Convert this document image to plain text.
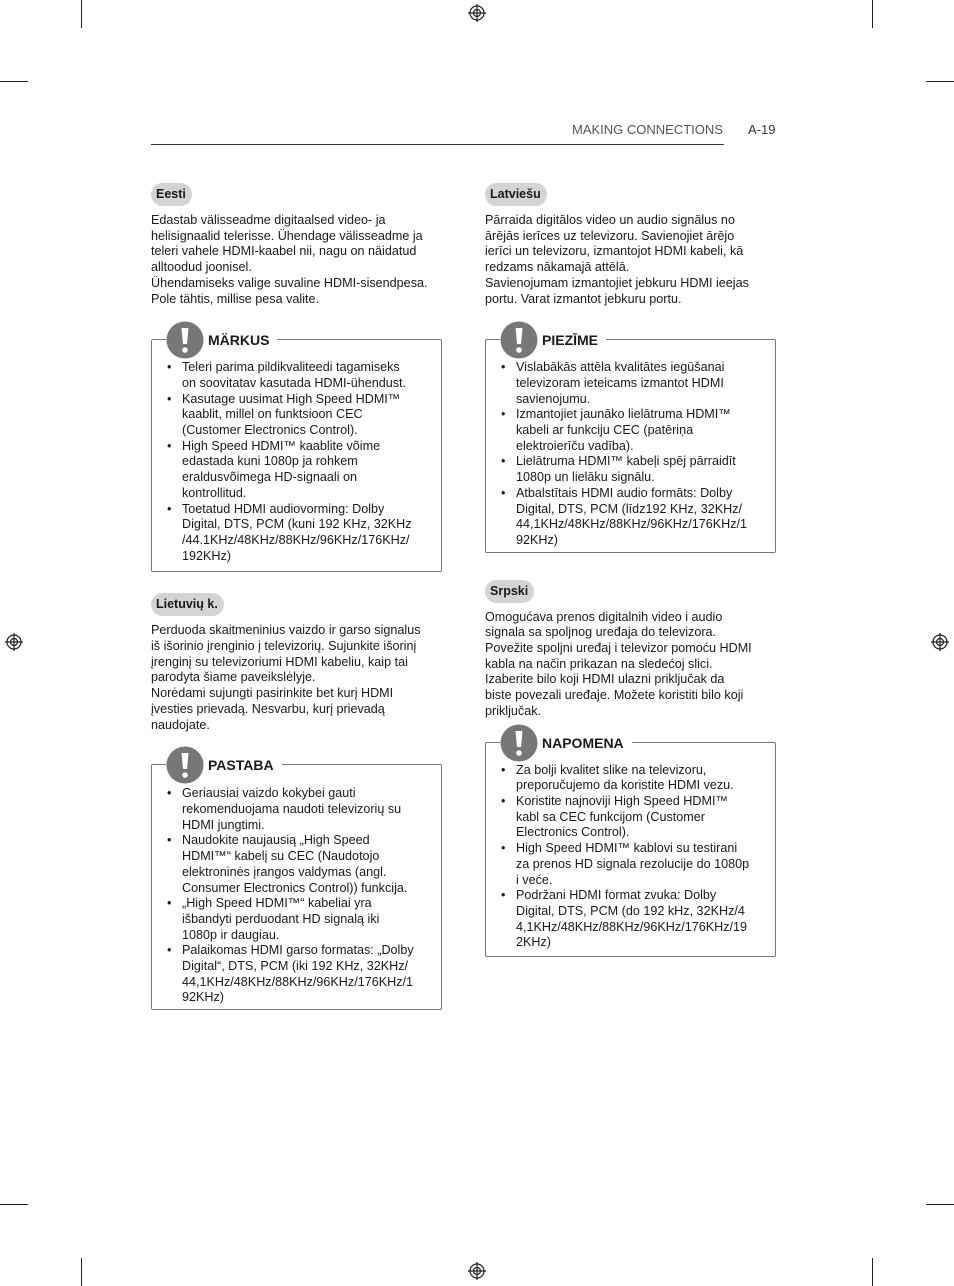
MAKING CONNECTIONS A-19
Eesti

Edastab välisseadme digitaalsed video- ja
helisignaalid telerisse. Ühendage välisseadme ja
teleri vahele HDMI-kaabel nii, nagu on näidatud
alltoodud joonisel.
Ühendamiseks valige suvaline HDMI-sisendpesa.
Pole tähtis, millise pesa valite.

MÄRKUS
• Teleri parima pildikvaliteedi tagamiseks
on soovitatav kasutada HDMI-ühendust.
• Kasutage uusimat High Speed HDMI™
kaablit, millel on funktsioon CEC
(Customer Electronics Control).
• High Speed HDMI™ kaablite võime
edastada kuni 1080p ja rohkem
eraldusvõimega HD-signaali on
kontrollitud.
• Toetatud HDMI audiovorming: Dolby
Digital, DTS, PCM (kuni 192 KHz, 32KHz
/44.1KHz/48KHz/88KHz/96KHz/176KHz/
192KHz)
Lietuvių k.

Perduoda skaitmeninius vaizdo ir garso signalus
iš išorinio įrenginio į televizorių. Sujunkite išorinį
įrenginį su televizoriumi HDMI kabeliu, kaip tai
parodyta šiame paveikslėlyje.
Norėdami sujungti pasirinkite bet kurį HDMI
įvesties prievadą. Nesvarbu, kurį prievadą
naudojate.

PASTABA
• Geriausiai vaizdo kokybei gauti
rekomenduojama naudoti televizorių su
HDMI jungtimi.
• Naudokite naujausią „High Speed
HDMI™“ kabelį su CEC (Naudotojo
elektroninės įrangos valdymas (angl.
Consumer Electronics Control)) funkcija.
• „High Speed HDMI™“ kabeliai yra
išbandyti perduodant HD signalą iki
1080p ir daugiau.
• Palaikomas HDMI garso formatas: „Dolby
Digital“, DTS, PCM (iki 192 KHz, 32KHz/
44,1KHz/48KHz/88KHz/96KHz/176KHz/1
92KHz)
Latviešu

Pārraida digitālos video un audio signālus no
ārējās ierīces uz televizoru. Savienojiet ārējo
ierīci un televizoru, izmantojot HDMI kabeli, kā
redzams nākamajā attēlā.
Savienojumam izmantojiet jebkuru HDMI ieejas
portu. Varat izmantot jebkuru portu.

PIEZĪME
• Vislabākās attēla kvalitātes iegūšanai
televizoram ieteicams izmantot HDMI
savienojumu.
• Izmantojiet jaunāko lielātruma HDMI™
kabeli ar funkciju CEC (patēriņa
elektroierīču vadība).
• Lielātruma HDMI™ kabeļi spēj pārraidīt
1080p un lielāku signālu.
• Atbalstītais HDMI audio formāts: Dolby
Digital, DTS, PCM (līdz192 KHz, 32KHz/
44,1KHz/48KHz/88KHz/96KHz/176KHz/1
92KHz)
Srpski

Omogućava prenos digitalnih video i audio
signala sa spoljnog uređaja do televizora.
Povežite spoljni uređaj i televizor pomoću HDMI
kabla na način prikazan na sledećoj slici.
Izaberite bilo koji HDMI ulazni priključak da
biste povezali uređaje. Možete koristiti bilo koji
priključak.

NAPOMENA
• Za bolji kvalitet slike na televizoru,
preporučujemo da koristite HDMI vezu.
• Koristite najnoviji High Speed HDMI™
kabl sa CEC funkcijom (Customer
Electronics Control).
• High Speed HDMI™ kablovi su testirani
za prenos HD signala rezolucije do 1080p
i veće.
• Podržani HDMI format zvuka: Dolby
Digital, DTS, PCM (do 192 kHz, 32KHz/4
4,1KHz/48KHz/88KHz/96KHz/176KHz/19
2KHz)
